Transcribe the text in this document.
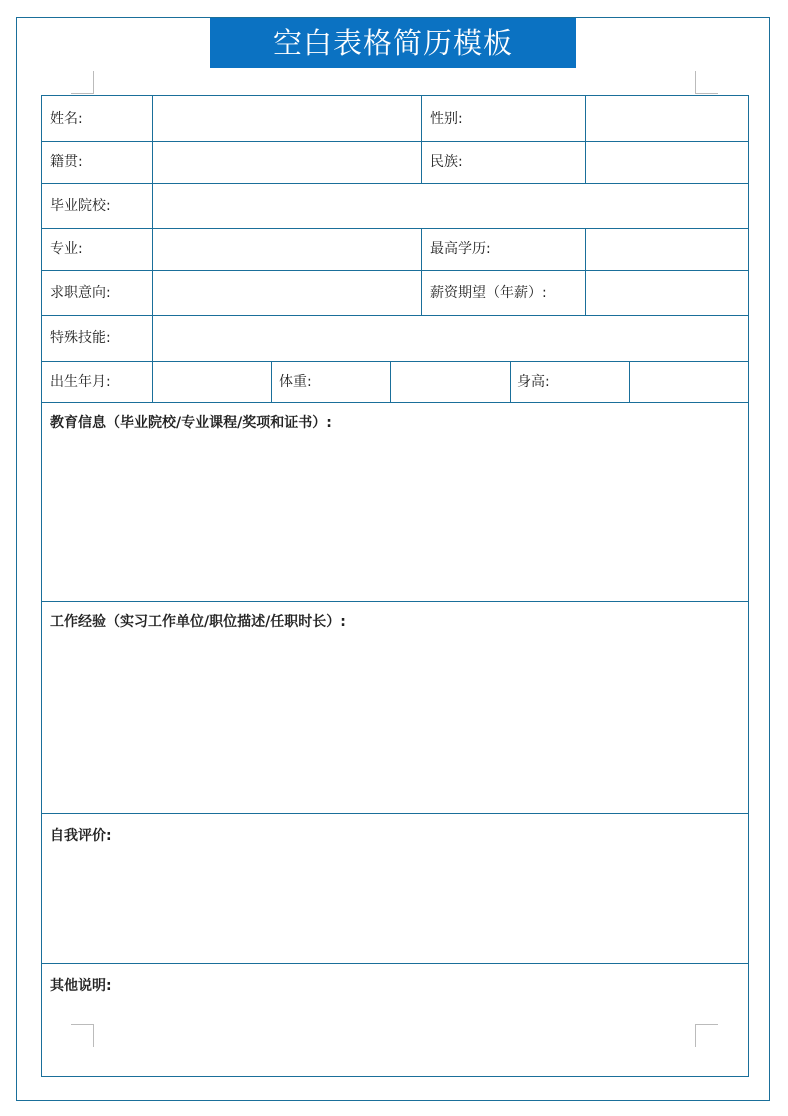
空白表格简历模板
姓名:	性别:
籍贯:	民族:
毕业院校:
专业:	最高学历:
求职意向:	薪资期望（年薪）:
特殊技能:
出生年月:	体重:	身高:
教育信息（毕业院校/专业课程/奖项和证书）:
工作经验（实习工作单位/职位描述/任职时长）:
自我评价:
其他说明:
